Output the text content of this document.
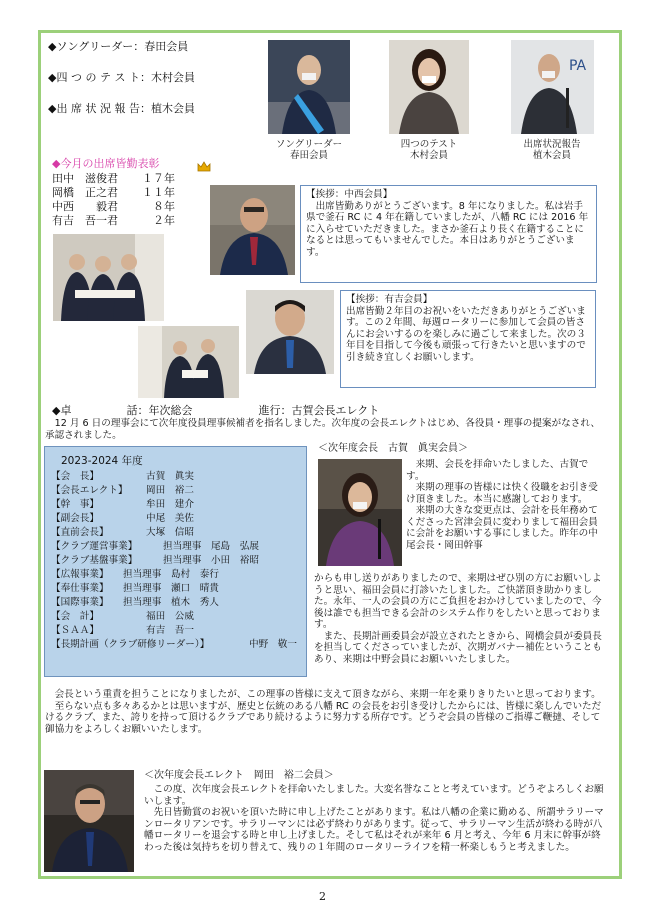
◆ソングリーダー：春田会員
◆四 つ の テ ス ト：木村会員
◆出 席 状 況 報 告：植木会員
PA
ソングリーダー
春田会員
四つのテスト
木村会員
出席状況報告
植木会員
◆今月の出席皆勤表彰
田中　滋俊君 １７年
岡橋　正之君 １１年
中西　　毅君　８年
有吉　吾一君　２年
【挨拶：中西会員】
出席皆勤ありがとうございます。8 年になりました。私は岩手県で釜石 RC に 4 年在籍していましたが、八幡 RC には 2016 年に入らせていただきました。まさか釜石より長く在籍することになるとは思ってもいませんでした。本日はありがとうございます。
【挨拶：有吉会員】
出席皆勤２年目のお祝いをいただきありがとうございます。この２年間、毎週ロータリーに参加して会員の皆さんにお会いするのを楽しみに過ごして来ました。次の３年目を目指して今後も頑張って行きたいと思いますので引き続き宜しくお願いします。
◆卓　　　　　話：年次総会　　　　　　進行：古賀会長エレクト
12 月 6 日の理事会にて次年度役員理事候補者を指名しました。次年度の会長エレクトはじめ、各役員・理事の提案がなされ、承認されました。
2023-2024 年度
【会　長】	古賀　眞実
【会長エレクト】 岡田　裕二
【幹　事】	牟田　建介
【副会長】	中尾　美佐
【直前会長】	大塚　信昭
【クラブ運営事業】	担当理事　尾島　弘展
【クラブ基盤事業】	担当理事　小田　裕昭
【広報事業】 担当理事　島村　泰行
【奉仕事業】 担当理事　瀬口　晴貴
【国際事業】 担当理事　植木　秀人
【会　計】	福田　公威
【ＳＡＡ】	有吉　吾一
【長期計画（クラブ研修リーダー）】	中野　敬一
＜次年度会長　古賀　眞実会員＞
来期、会長を拝命いたしました、古賀です。
来期の理事の皆様には快く役職をお引き受け頂きました。本当に感謝しております。
来期の大きな変更点は、会計を長年務めてくださった宮津会員に変わりまして福田会員に会計をお願いする事にしました。昨年の中尾会長・岡田幹事
からも申し送りがありましたので、来期はぜひ別の方にお願いしようと思い、福田会員に打診いたしました。ご快諾頂き助かりました。永年、一人の会員の方にご負担をおかけしていましたので、今後は誰でも担当できる会計のシステム作りをしたいと思っております。
また、長期計画委員会が設立されたときから、岡橋会員が委員長を担当してくださっていましたが、次期ガバナー補佐ということもあり、来期は中野会員にお願いいたしました。
会長という重責を担うことになりましたが、この理事の皆様に支えて頂きながら、来期一年を乗りきりたいと思っております。
至らない点も多々あるかとは思いますが、歴史と伝統のある八幡 RC の会長をお引き受けしたからには、皆様に楽しんでいただけるクラブ、また、誇りを持って頂けるクラブであり続けるように努力する所存です。どうぞ会員の皆様のご指導ご鞭撻、そして御協力をよろしくお願いいたします。
＜次年度会長エレクト　岡田　裕二会員＞
この度、次年度会長エレクトを拝命いたしました。大変名誉なことと考えています。どうぞよろしくお願いします。
先日皆勤賞のお祝いを頂いた時に申し上げたことがあります。私は八幡の企業に勤める、所謂サラリーマンロータリアンです。サラリーマンには必ず終わりがあります。従って、サラリーマン生活が終わる時が八幡ロータリーを退会する時と申し上げました。そして私はそれが来年 6 月と考え、今年 6 月末に幹事が終わった後は気持ちを切り替えて、残りの１年間のロータリーライフを精一杯楽しもうと考えました。
2
